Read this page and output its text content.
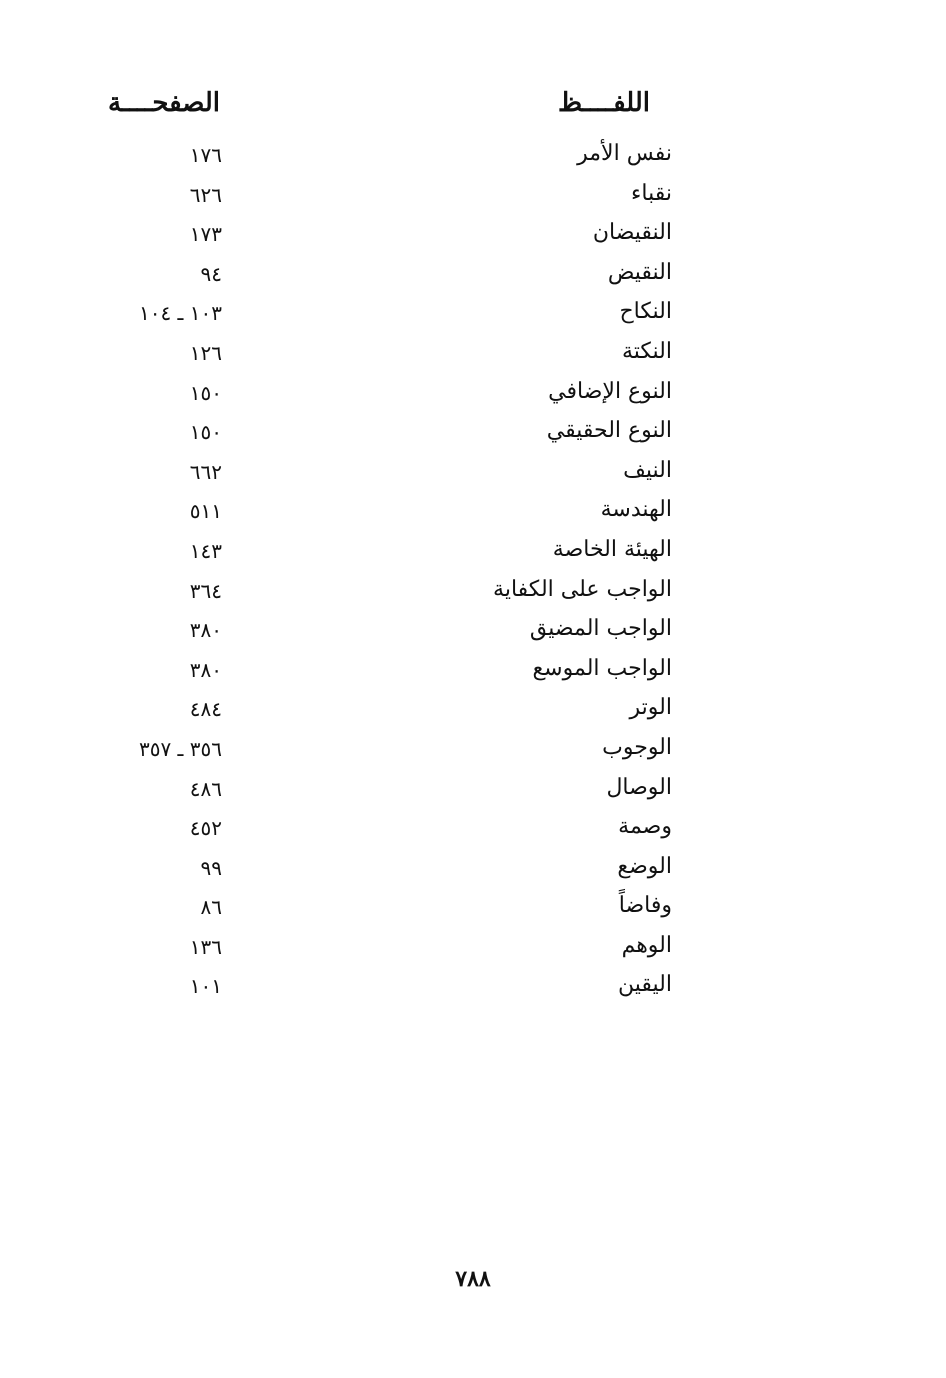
اللفــــظ
الصفحــــة
نفس الأمر
١٧٦
نقباء
٦٢٦
النقيضان
١٧٣
النقيض
٩٤
النكاح
١٠٣ ـ ١٠٤
النكتة
١٢٦
النوع الإضافي
١٥٠
النوع الحقيقي
١٥٠
النيف
٦٦٢
الهندسة
٥١١
الهيئة الخاصة
١٤٣
الواجب على الكفاية
٣٦٤
الواجب المضيق
٣٨٠
الواجب الموسع
٣٨٠
الوتر
٤٨٤
الوجوب
٣٥٦ ـ ٣٥٧
الوصال
٤٨٦
وصمة
٤٥٢
الوضع
٩٩
وفاضاً
٨٦
الوهم
١٣٦
اليقين
١٠١
٧٨٨
